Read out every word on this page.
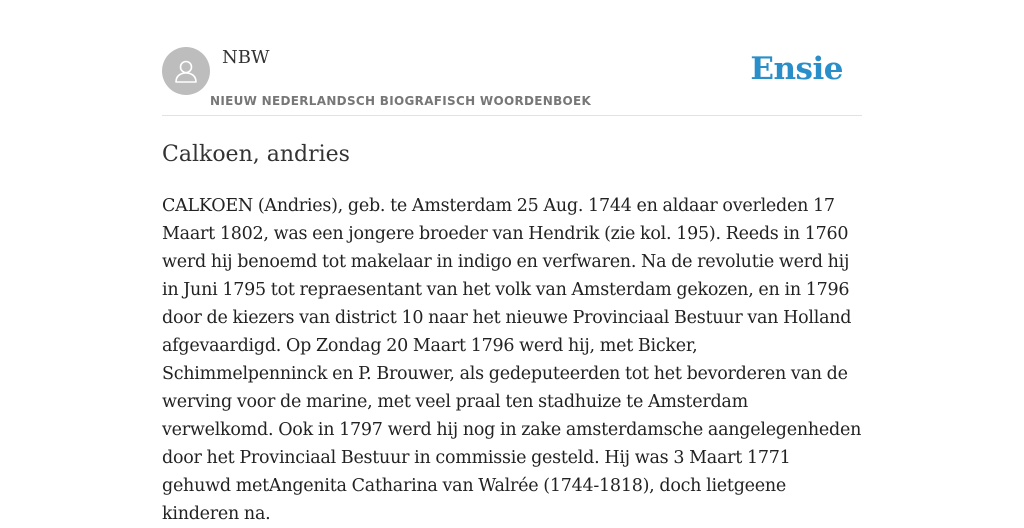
NBW
NIEUW NEDERLANDSCH BIOGRAFISCH WOORDENBOEK
Ensie
Calkoen, andries

CALKOEN (Andries), geb. te Amsterdam 25 Aug. 1744 en aldaar overleden 17 Maart 1802, was een jongere broeder van Hendrik (zie kol. 195). Reeds in 1760 werd hij benoemd tot makelaar in indigo en verfwaren. Na de revolutie werd hij in Juni 1795 tot repraesentant van het volk van Amsterdam gekozen, en in 1796 door de kiezers van district 10 naar het nieuwe Provinciaal Bestuur van Holland afgevaardigd. Op Zondag 20 Maart 1796 werd hij, met Bicker, Schimmelpenninck en P. Brouwer, als gedeputeerden tot het bevorderen van de werving voor de marine, met veel praal ten stadhuize te Amsterdam verwelkomd. Ook in 1797 werd hij nog in zake amsterdamsche aangelegenheden door het Provinciaal Bestuur in commissie gesteld. Hij was 3 Maart 1771 gehuwd metAngenita Catharina van Walrée (1744-1818), doch lietgeene kinderen na.
